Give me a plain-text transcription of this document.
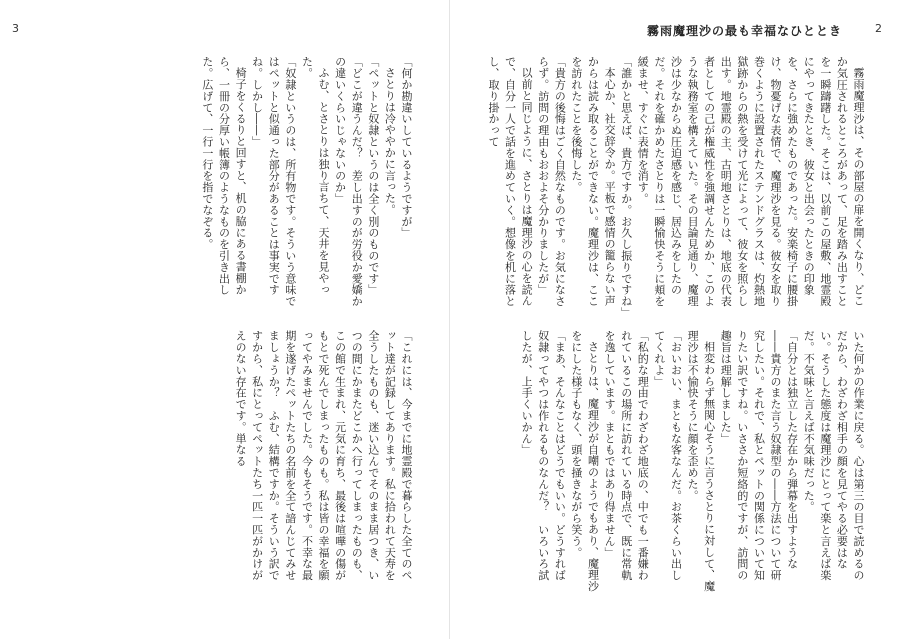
3

「何か勘違いしているようですが」

さとりは冷ややかに言った。

「ペットと奴隷というのは全く別のものです」

「どこが違うんだ？　差し出すのが労役か愛嬌かの違いくらいじゃないのか」

ふむ、とさとりは独り言ちて、天井を見やった。

「奴隷というのは、所有物です。そういう意味ではペットと似通った部分があることは事実ですね。しかし――」

椅子をくるりと回すと、机の脇にある書棚から、一冊の分厚い帳簿のようなものを引き出した。広げて、一行一行を指でなぞる。

「これには、今までに地霊殿で暮らした全てのペット達が記録してあります。私に拾われて天寿を全うしたものも、迷い込んでそのまま居つき、いつの間にかまたどこかへ行ってしまったものも、この館で生まれ、元気に育ち、最後は喧嘩の傷がもとで死んでしまったものも。私は皆の幸福を願ってやみませんでした。今もそうです。不幸な最期を遂げたペットたちの名前を全て諳んじてみせましょうか？　ふむ、結構ですか。そういう訳ですから、私にとってペットたち一匹一匹がかけがえのない存在です。単なる

霧雨魔理沙の最も幸福なひととき	2

霧雨魔理沙は、その部屋の扉を開くなり、どこか気圧されるところがあって、足を踏み出すことを一瞬躊躇した。そこは、以前この屋敷、地霊殿にやってきたとき、彼女と出会ったときの印象を、さらに強めたものであった。安楽椅子に腰掛け、物憂げな表情で、魔理沙を見る。彼女を取り巻くように設置されたステンドグラスは、灼熱地獄跡からの熱を受けて光によって、彼女を照らし出す。地霊殿の主、古明地さとりは、地底の代表者としての己が権威性を強調せんためか、このような執務室を構えていた。その目論見通り、魔理沙は少なからぬ圧迫感を感じ、居込みをしたのだ。それを確かめたさとりは一瞬愉快そうに頬を緩ませ、すぐに表情を消す。

「誰かと思えば、貴方ですか。お久し振りですね」

本心か、社交辞令か。平板で感情の籠らない声からは読み取ることができない。魔理沙は、ここを訪れたことを後悔した。

「貴方の後悔はごく自然なものです。お気になさらず。訪問の理由もおおよそ分かりましたが」

以前と同じように、さとりは魔理沙の心を読んで、自分一人で話を進めていく。想像を机に落とし、取り掛かって

いた何かの作業に戻る。心は第三の目で読めるのだから、わざわざ相手の顔を見てやる必要はない。そうした態度は魔理沙にとって楽と言えば楽だ。不気味と言えば不気味だった。

「自分とは独立した存在から弾幕を出すような――貴方のまた言う奴隷型の――方法について研究したい。それで、私とペットの関係について知りたい訳ですね。いささか短絡的ですが、訪問の趣旨は理解しました」

相変わらず無関心そうに言うさとりに対して、魔理沙は不愉快そうに顔を歪めた。

「おいおい、まともな客なんだ。お茶くらい出してくれよ」

「私的な理由でわざわざ地底の、中でも一番嫌われているこの場所に訪れている時点で、既に常軌を逸しています。まともではあり得ません」

さとりは、魔理沙が自嘲のようでもあり、魔理沙をにした様子もなく、頭を掻きながら笑う。

「まあ、そんなことはどうでもいい。どうすれば奴隷ってやつは作れるものなんだ？　いろいろ試したが、上手くいかん」
